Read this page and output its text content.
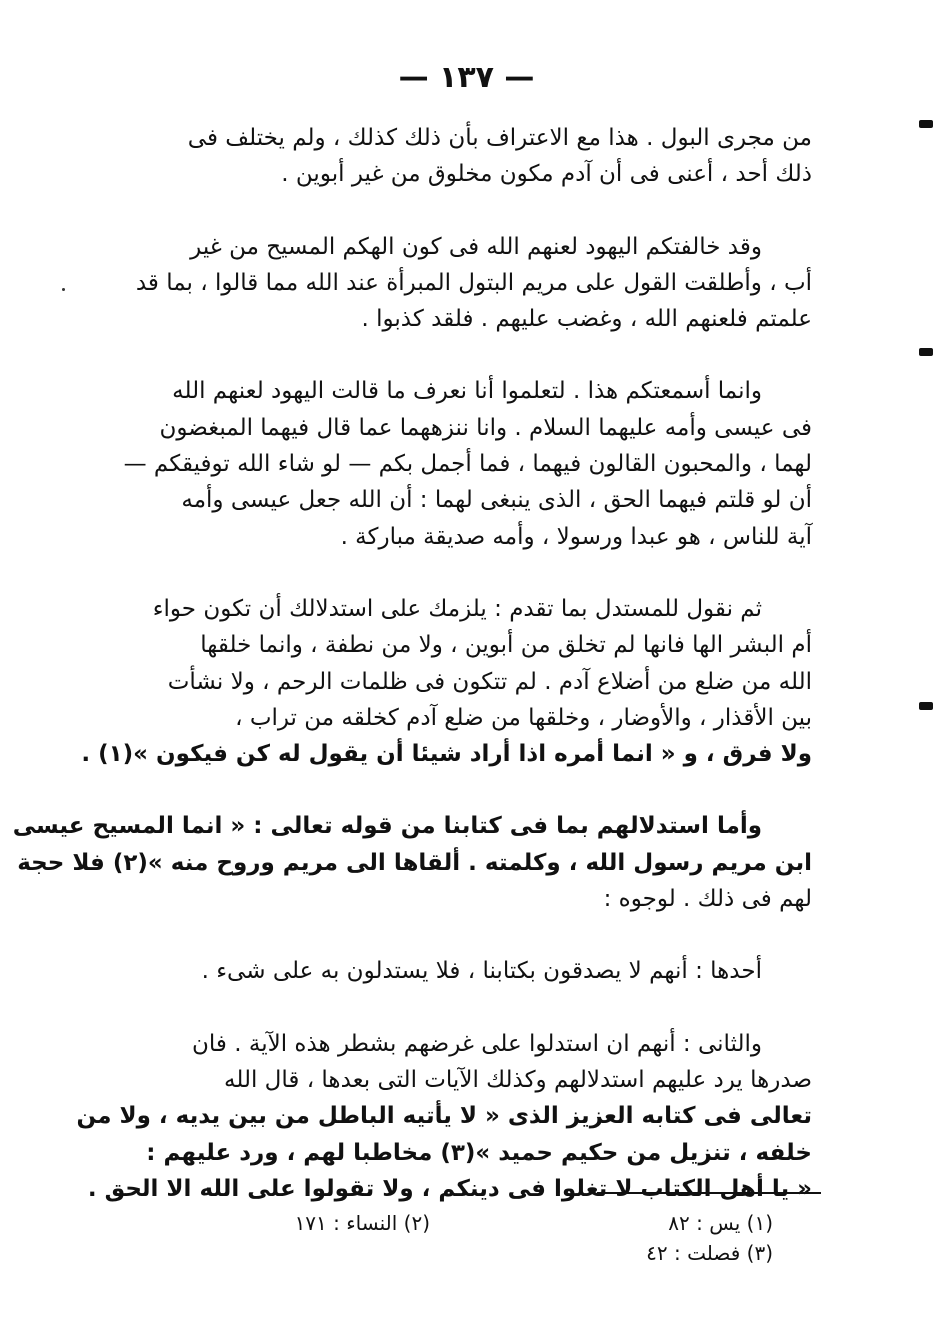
— ١٣٧ —

من مجرى البول . هذا مع الاعتراف بأن ذلك كذلك ، ولم يختلف فى
ذلك أحد ، أعنى فى أن آدم مكون مخلوق من غير أبوين .

وقد خالفتكم اليهود لعنهم الله فى كون الهكم المسيح من غير
أب ، وأطلقت القول على مريم البتول المبرأة عند الله مما قالوا ، بما قد
علمتم فلعنهم الله ، وغضب عليهم . فلقد كذبوا .

وانما أسمعتكم هذا . لتعلموا أنا نعرف ما قالت اليهود لعنهم الله
فى عيسى وأمه عليهما السلام . وانا ننزههما عما قال فيهما المبغضون
لهما ، والمحبون القالون فيهما ، فما أجمل بكم — لو شاء الله توفيقكم —
أن لو قلتم فيهما الحق ، الذى ينبغى لهما : أن الله جعل عيسى وأمه
آية للناس ، هو عبدا ورسولا ، وأمه صديقة مباركة .

ثم نقول للمستدل بما تقدم : يلزمك على استدلالك أن تكون حواء
أم البشر الها فانها لم تخلق من أبوين ، ولا من نطفة ، وانما خلقها
الله من ضلع من أضلاع آدم . لم تتكون فى ظلمات الرحم ، ولا نشأت
بين الأقذار ، والأوضار ، وخلقها من ضلع آدم كخلقه من تراب ،
ولا فرق ، و « انما أمره اذا أراد شيئا أن يقول له كن فيكون »(١) .

وأما استدلالهم بما فى كتابنا من قوله تعالى : « انما المسيح عيسى
ابن مريم رسول الله ، وكلمته . ألقاها الى مريم وروح منه »(٢) فلا حجة
لهم فى ذلك . لوجوه :

أحدها : أنهم لا يصدقون بكتابنا ، فلا يستدلون به على شىء .

والثانى : أنهم ان استدلوا على غرضهم بشطر هذه الآية . فان
صدرها يرد عليهم استدلالهم وكذلك الآيات التى بعدها ، قال الله
تعالى فى كتابه العزيز الذى « لا يأتيه الباطل من بين يديه ، ولا من
خلفه ، تنزيل من حكيم حميد »(٣) مخاطبا لهم ، ورد عليهم :
« يا أهل الكتاب لا تغلوا فى دينكم ، ولا تقولوا على الله الا الحق .

(١) يس : ٨٢
(٢) النساء : ١٧١
(٣) فصلت : ٤٢
